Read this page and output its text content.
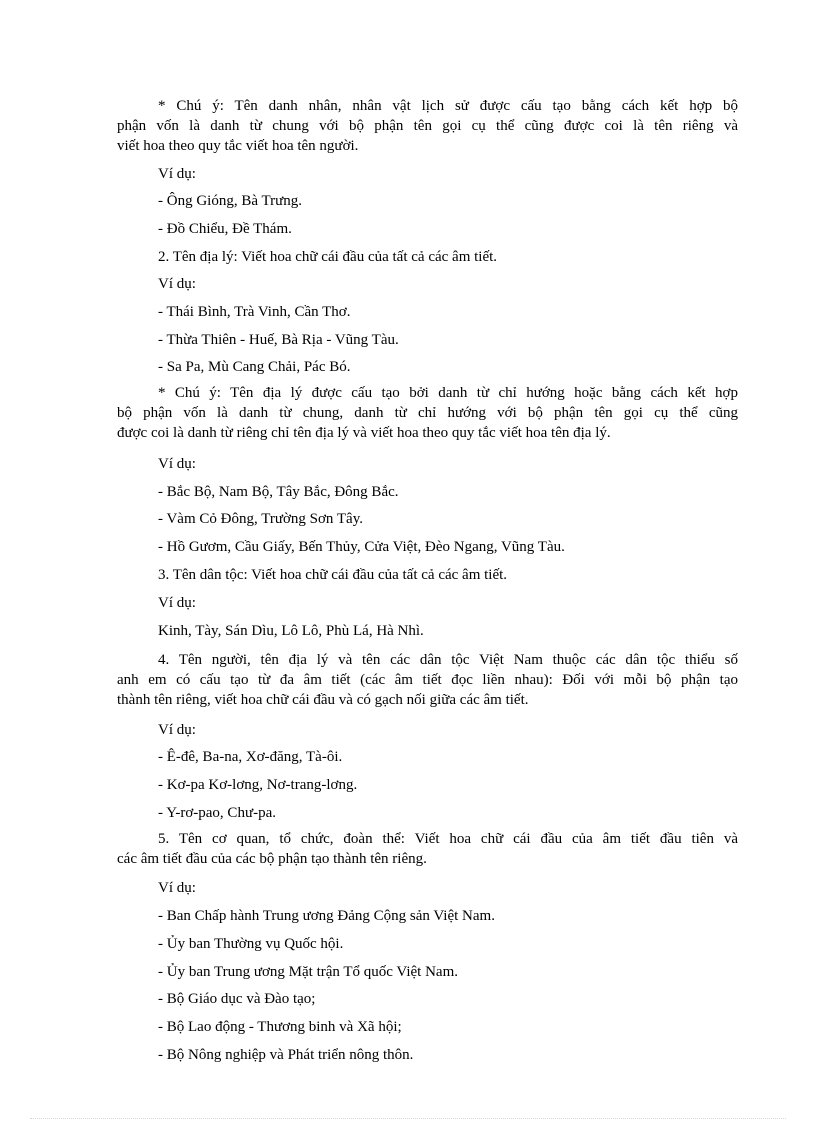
* Chú ý: Tên danh nhân, nhân vật lịch sử được cấu tạo bằng cách kết hợp bộ
phận vốn là danh từ chung với bộ phận tên gọi cụ thể cũng được coi là tên riêng và
viết hoa theo quy tắc viết hoa tên người.
Ví dụ:
- Ông Gióng, Bà Trưng.
- Đồ Chiểu, Đề Thám.
2. Tên địa lý: Viết hoa chữ cái đầu của tất cả các âm tiết.
Ví dụ:
- Thái Bình, Trà Vinh, Cần Thơ.
- Thừa Thiên - Huế, Bà Rịa - Vũng Tàu.
- Sa Pa, Mù Cang Chải, Pác Bó.
* Chú ý: Tên địa lý được cấu tạo bởi danh từ chỉ hướng hoặc bằng cách kết hợp
bộ phận vốn là danh từ chung, danh từ chỉ hướng với bộ phận tên gọi cụ thể cũng
được coi là danh từ riêng chỉ tên địa lý và viết hoa theo quy tắc viết hoa tên địa lý.
Ví dụ:
- Bắc Bộ, Nam Bộ, Tây Bắc, Đông Bắc.
- Vàm Cỏ Đông, Trường Sơn Tây.
- Hồ Gươm, Cầu Giấy, Bến Thủy, Cửa Việt, Đèo Ngang, Vũng Tàu.
3. Tên dân tộc: Viết hoa chữ cái đầu của tất cả các âm tiết.
Ví dụ:
Kinh, Tày, Sán Dìu, Lô Lô, Phù Lá, Hà Nhì.
4. Tên người, tên địa lý và tên các dân tộc Việt Nam thuộc các dân tộc thiểu số
anh em có cấu tạo từ đa âm tiết (các âm tiết đọc liền nhau): Đối với mỗi bộ phận tạo
thành tên riêng, viết hoa chữ cái đầu và có gạch nối giữa các âm tiết.
Ví dụ:
- Ê-đê, Ba-na, Xơ-đăng, Tà-ôi.
- Kơ-pa Kơ-lơng, Nơ-trang-lơng.
- Y-rơ-pao, Chư-pa.
5. Tên cơ quan, tổ chức, đoàn thể: Viết hoa chữ cái đầu của âm tiết đầu tiên và
các âm tiết đầu của các bộ phận tạo thành tên riêng.
Ví dụ:
- Ban Chấp hành Trung ương Đảng Cộng sản Việt Nam.
- Ủy ban Thường vụ Quốc hội.
- Ủy ban Trung ương Mặt trận Tổ quốc Việt Nam.
- Bộ Giáo dục và Đào tạo;
- Bộ Lao động - Thương binh và Xã hội;
- Bộ Nông nghiệp và Phát triển nông thôn.
